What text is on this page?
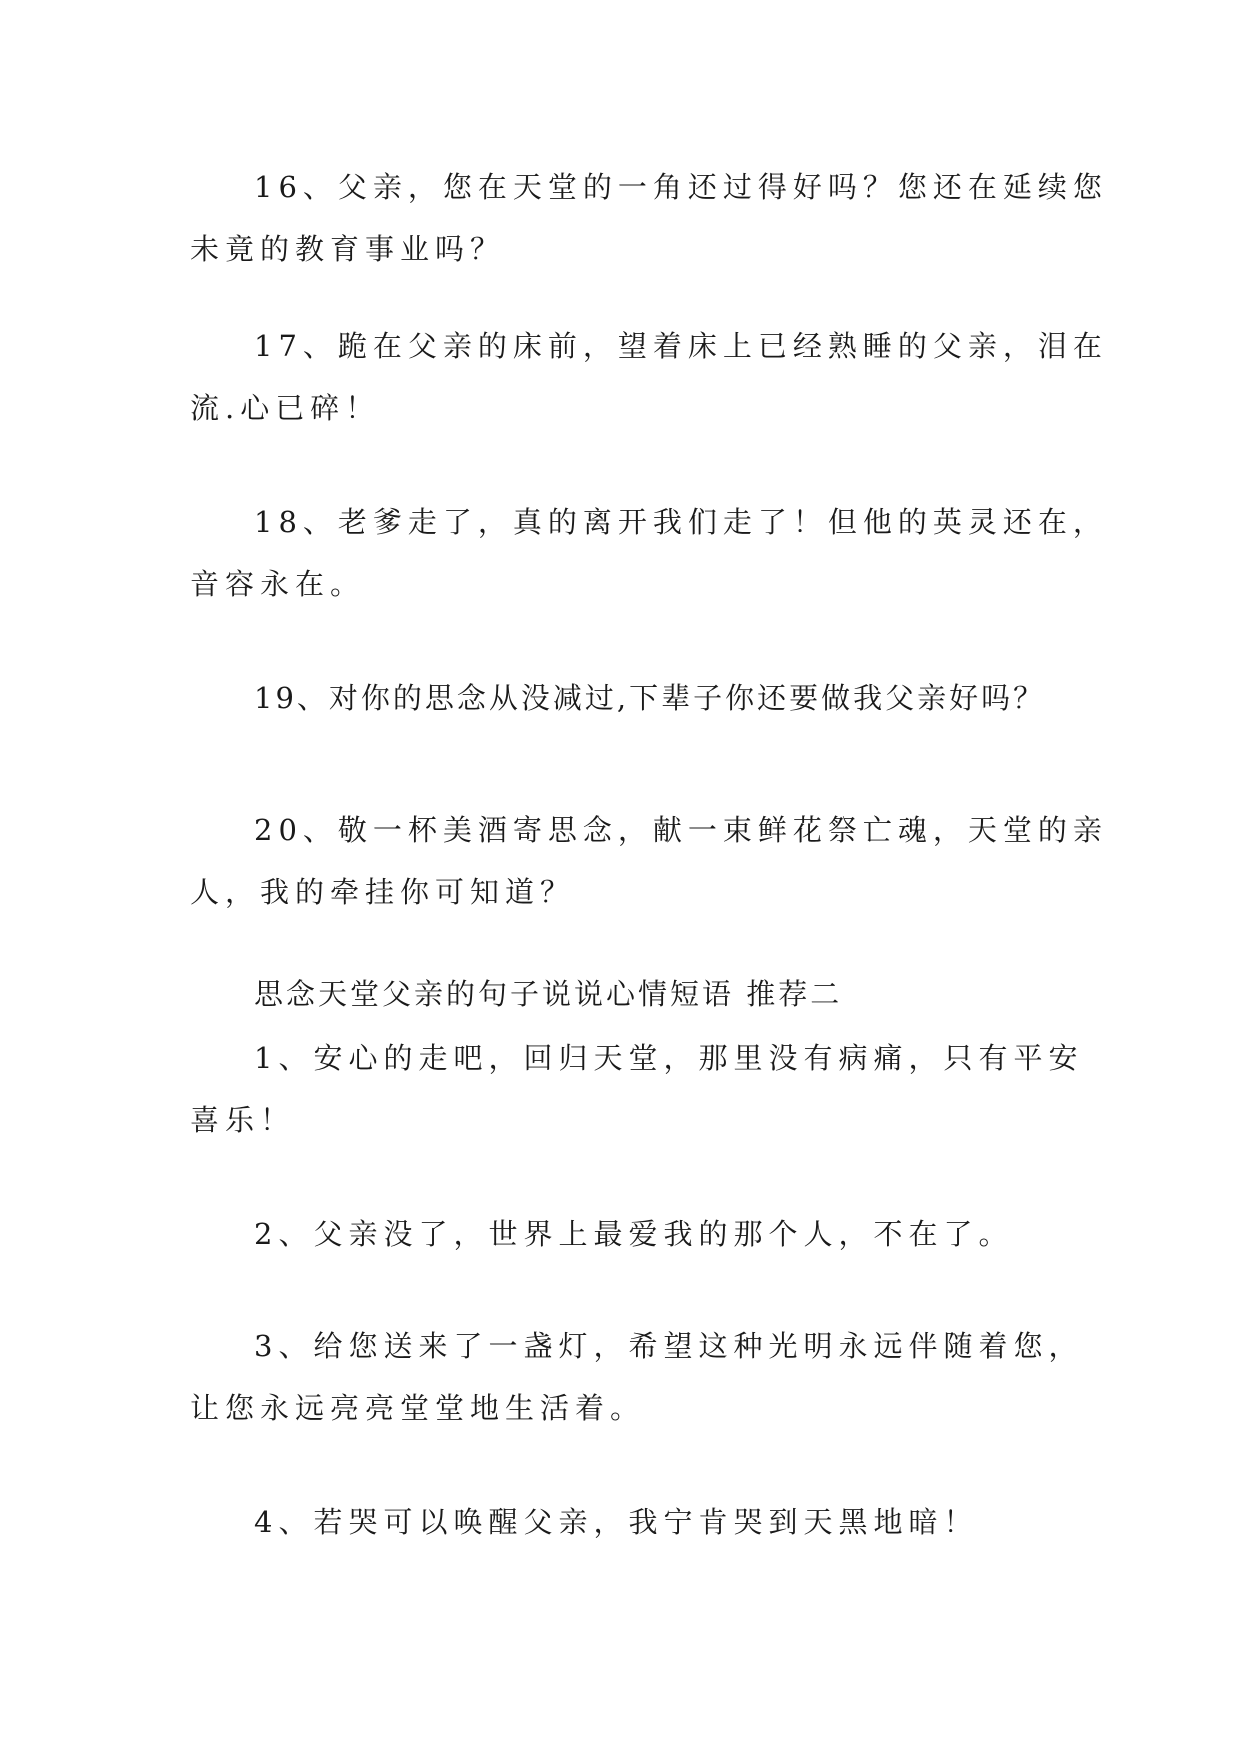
16、父亲，您在天堂的一角还过得好吗？您还在延续您
未竟的教育事业吗？

17、跪在父亲的床前，望着床上已经熟睡的父亲，泪在
流.心已碎！

18、老爹走了，真的离开我们走了！但他的英灵还在，
音容永在。

19、对你的思念从没减过,下辈子你还要做我父亲好吗？

20、敬一杯美酒寄思念，献一束鲜花祭亡魂，天堂的亲
人，我的牵挂你可知道？

思念天堂父亲的句子说说心情短语 推荐二

1、安心的走吧，回归天堂，那里没有病痛，只有平安
喜乐！

2、父亲没了，世界上最爱我的那个人，不在了。

3、给您送来了一盏灯，希望这种光明永远伴随着您，
让您永远亮亮堂堂地生活着。

4、若哭可以唤醒父亲，我宁肯哭到天黑地暗！
